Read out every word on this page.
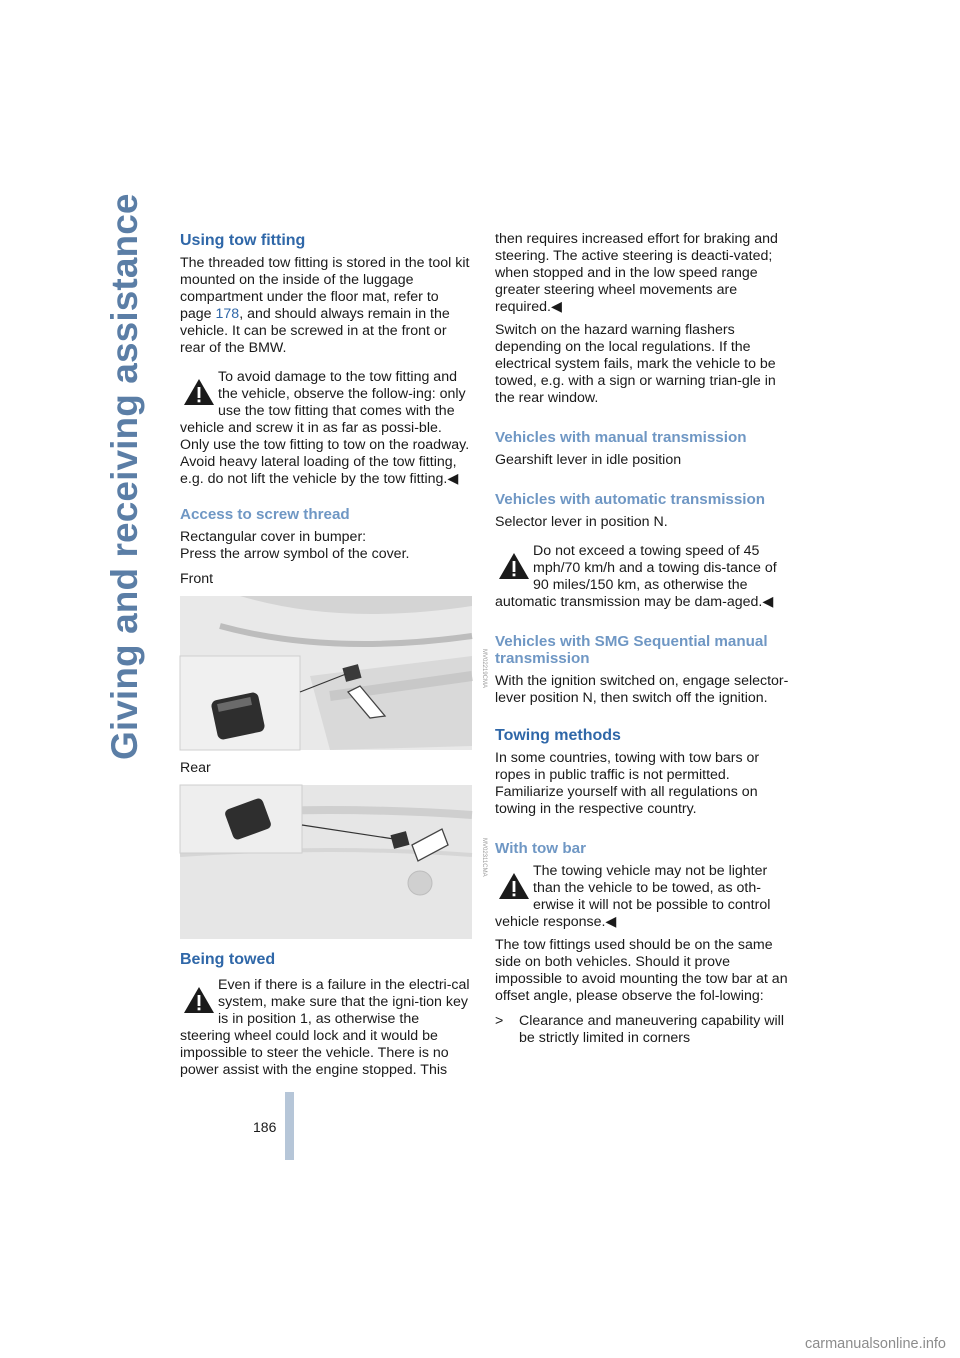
Giving and receiving assistance Using tow fitting

The threaded tow fitting is stored in the tool kit mounted on the inside of the luggage compartment under the floor mat, refer to page 178, and should always remain in the vehicle. It can be screwed in at the front or rear of the BMW.

To avoid damage to the tow fitting and the vehicle, observe the follow-ing: only use the tow fitting that comes with the vehicle and screw it in as far as possi-ble. Only use the tow fitting to tow on the roadway. Avoid heavy lateral loading of the tow fitting, e.g. do not lift the vehicle by the tow fitting.◀
Access to screw thread

Rectangular cover in bumper:

Press the arrow symbol of the cover.

Front

MV02219CMA

Rear

MV02311CMA
Being towed
Even if there is a failure in the electri-cal system, make sure that the igni-tion key is in position 1, as otherwise the steering wheel could lock and it would be impossible to steer the vehicle. There is no power assist with the engine stopped. This

then requires increased effort for braking and steering. The active steering is deacti-vated; when stopped and in the low speed range greater steering wheel movements are required.◀

Switch on the hazard warning flashers depending on the local regulations. If the electrical system fails, mark the vehicle to be towed, e.g. with a sign or warning trian-gle in the rear window.

Vehicles with manual transmission

Gearshift lever in idle position

Vehicles with automatic transmission

Selector lever in position N.

Do not exceed a towing speed of 45 mph/70 km/h and a towing dis-tance of 90 miles/150 km, as otherwise the automatic transmission may be dam-aged.◀
Vehicles with SMG Sequential manual transmission

With the ignition switched on, engage selector-lever position N, then switch off the ignition.

Towing methods

In some countries, towing with tow bars or ropes in public traffic is not permitted. Familiarize yourself with all regulations on towing in the respective country.

With tow bar
The towing vehicle may not be lighter than the vehicle to be towed, as oth-erwise it will not be possible to control vehicle response.◀

The tow fittings used should be on the same side on both vehicles. Should it prove impossible to avoid mounting the tow bar at an offset angle, please observe the fol-lowing:

> Clearance and maneuvering capability will be strictly limited in corners
186
carmanualsonline.info
